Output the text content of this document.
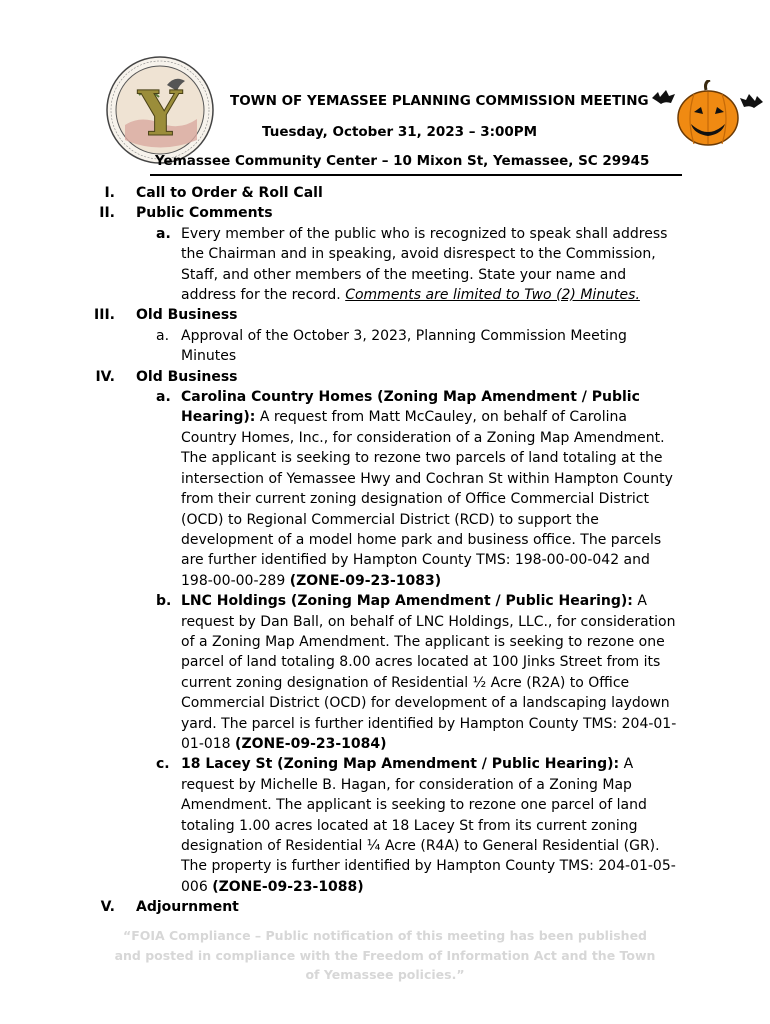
Y	TOWN OF YEMASSEE PLANNING COMMISSION MEETING
Tuesday, October 31, 2023 – 3:00PM
Yemassee Community Center – 10 Mixon St, Yemassee, SC 29945
I. Call to Order & Roll Call
II. Public Comments
a. Every member of the public who is recognized to speak shall address the Chairman and in speaking, avoid disrespect to the Commission, Staff, and other members of the meeting. State your name and address for the record. Comments are limited to Two (2) Minutes.
III. Old Business
a. Approval of the October 3, 2023, Planning Commission Meeting Minutes
IV. Old Business
a. Carolina Country Homes (Zoning Map Amendment / Public Hearing): A request from Matt McCauley, on behalf of Carolina Country Homes, Inc., for consideration of a Zoning Map Amendment. The applicant is seeking to rezone two parcels of land totaling at the intersection of Yemassee Hwy and Cochran St within Hampton County from their current zoning designation of Office Commercial District (OCD) to Regional Commercial District (RCD) to support the development of a model home park and business office. The parcels are further identified by Hampton County TMS: 198-00-00-042 and 198-00-00-289 (ZONE-09-23-1083)
b. LNC Holdings (Zoning Map Amendment / Public Hearing): A request by Dan Ball, on behalf of LNC Holdings, LLC., for consideration of a Zoning Map Amendment. The applicant is seeking to rezone one parcel of land totaling 8.00 acres located at 100 Jinks Street from its current zoning designation of Residential ½ Acre (R2A) to Office Commercial District (OCD) for development of a landscaping laydown yard. The parcel is further identified by Hampton County TMS: 204-01-01-018 (ZONE-09-23-1084)
c. 18 Lacey St (Zoning Map Amendment / Public Hearing): A request by Michelle B. Hagan, for consideration of a Zoning Map Amendment. The applicant is seeking to rezone one parcel of land totaling 1.00 acres located at 18 Lacey St from its current zoning designation of Residential ¼ Acre (R4A) to General Residential (GR). The property is further identified by Hampton County TMS: 204-01-05-006 (ZONE-09-23-1088)
V. Adjournment
“FOIA Compliance – Public notification of this meeting has been published and posted in compliance with the Freedom of Information Act and the Town of Yemassee policies.”
